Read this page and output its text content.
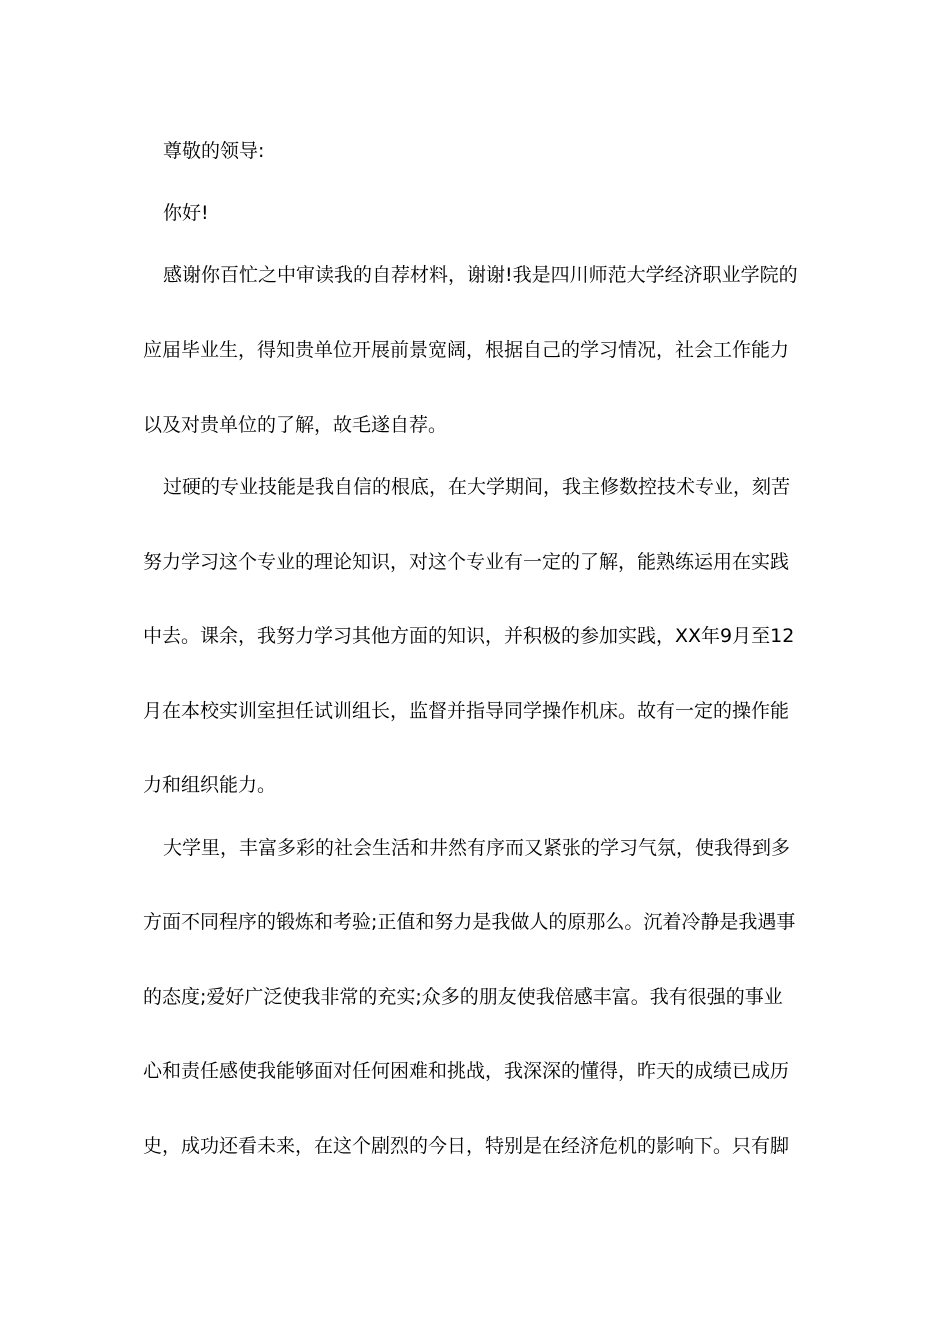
尊敬的领导:
你好!
感谢你百忙之中审读我的自荐材料，谢谢!我是四川师范大学经济职业学院的
应届毕业生，得知贵单位开展前景宽阔，根据自己的学习情况，社会工作能力
以及对贵单位的了解，故毛遂自荐。
过硬的专业技能是我自信的根底，在大学期间，我主修数控技术专业，刻苦
努力学习这个专业的理论知识，对这个专业有一定的了解，能熟练运用在实践
中去。课余，我努力学习其他方面的知识，并积极的参加实践，XX年9月至12
月在本校实训室担任试训组长，监督并指导同学操作机床。故有一定的操作能
力和组织能力。
大学里，丰富多彩的社会生活和井然有序而又紧张的学习气氛，使我得到多
方面不同程序的锻炼和考验;正值和努力是我做人的原那么。沉着冷静是我遇事
的态度;爱好广泛使我非常的充实;众多的朋友使我倍感丰富。我有很强的事业
心和责任感使我能够面对任何困难和挑战，我深深的懂得，昨天的成绩已成历
史，成功还看未来，在这个剧烈的今日，特别是在经济危机的影响下。只有脚
